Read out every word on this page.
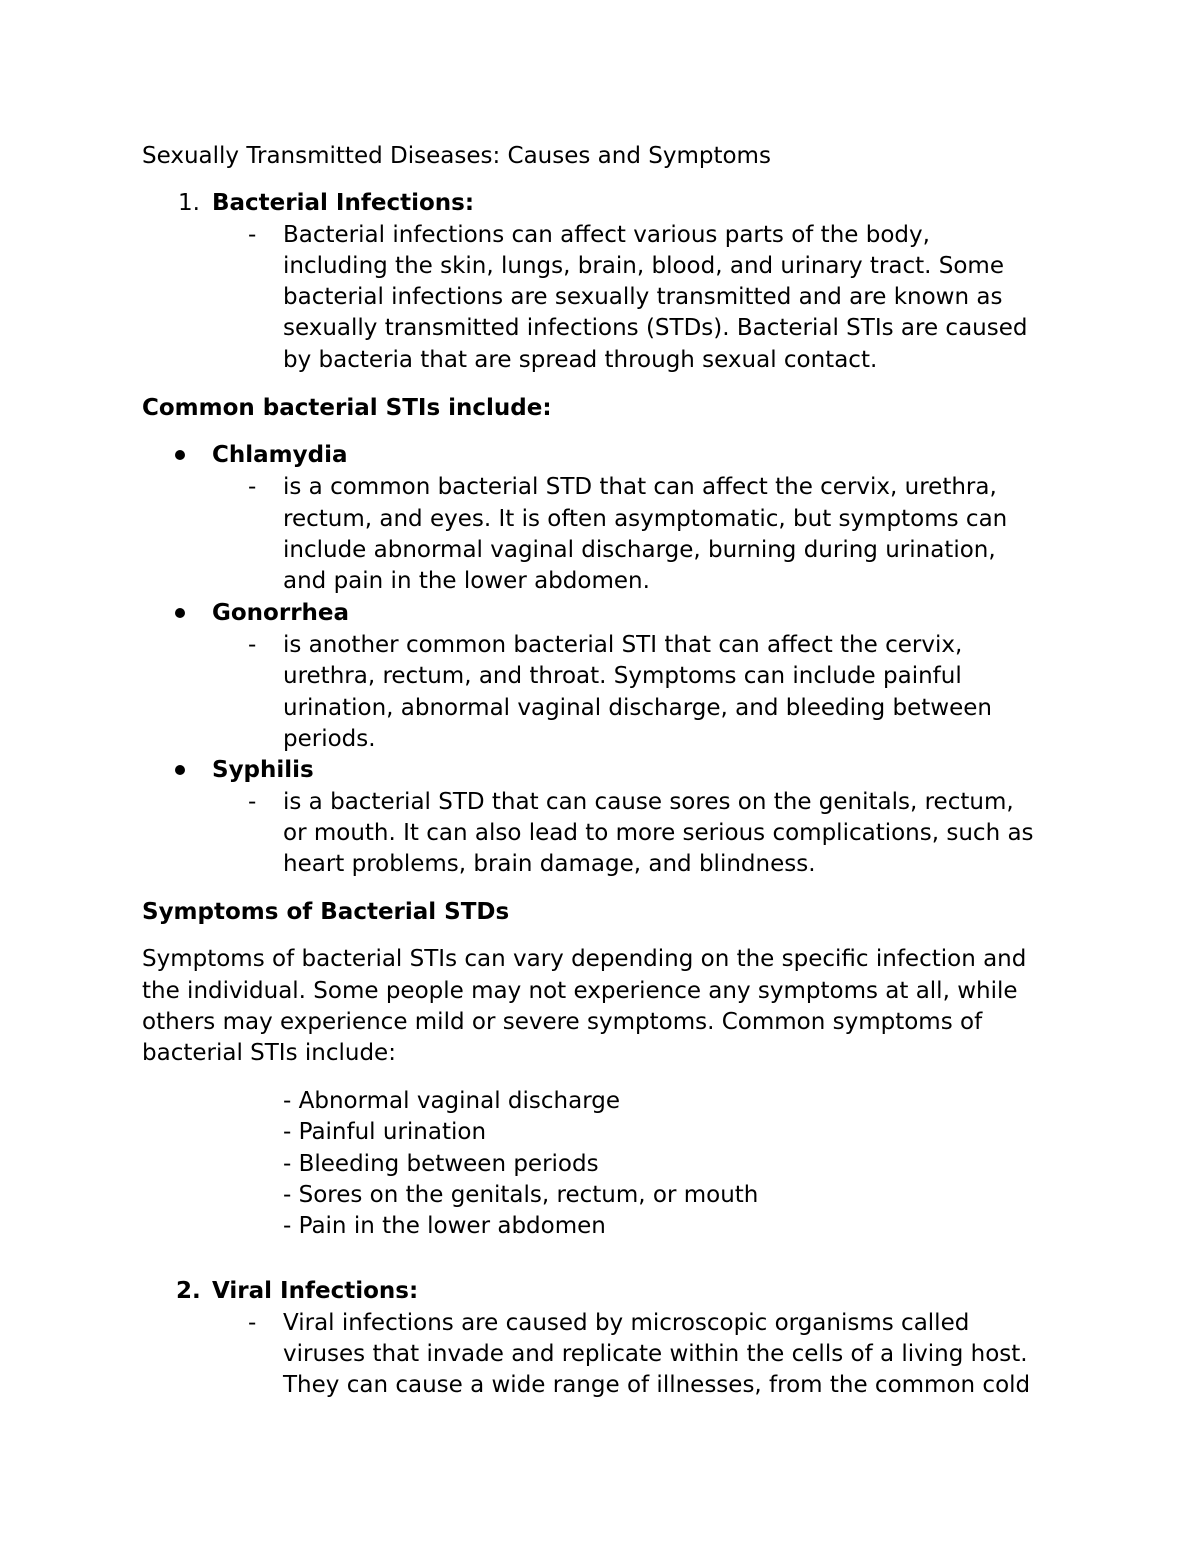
Sexually Transmitted Diseases: Causes and Symptoms
1. Bacterial Infections:
- Bacterial infections can affect various parts of the body,
including the skin, lungs, brain, blood, and urinary tract. Some
bacterial infections are sexually transmitted and are known as
sexually transmitted infections (STDs). Bacterial STIs are caused
by bacteria that are spread through sexual contact.
Common bacterial STIs include:
Chlamydia
- is a common bacterial STD that can affect the cervix, urethra,
rectum, and eyes. It is often asymptomatic, but symptoms can
include abnormal vaginal discharge, burning during urination,
and pain in the lower abdomen.
Gonorrhea
- is another common bacterial STI that can affect the cervix,
urethra, rectum, and throat. Symptoms can include painful
urination, abnormal vaginal discharge, and bleeding between
periods.
Syphilis
- is a bacterial STD that can cause sores on the genitals, rectum,
or mouth. It can also lead to more serious complications, such as
heart problems, brain damage, and blindness.
Symptoms of Bacterial STDs
Symptoms of bacterial STIs can vary depending on the specific infection and
the individual. Some people may not experience any symptoms at all, while
others may experience mild or severe symptoms. Common symptoms of
bacterial STIs include:
- Abnormal vaginal discharge
- Painful urination
- Bleeding between periods
- Sores on the genitals, rectum, or mouth
- Pain in the lower abdomen
2. Viral Infections:
- Viral infections are caused by microscopic organisms called
viruses that invade and replicate within the cells of a living host.
They can cause a wide range of illnesses, from the common cold
